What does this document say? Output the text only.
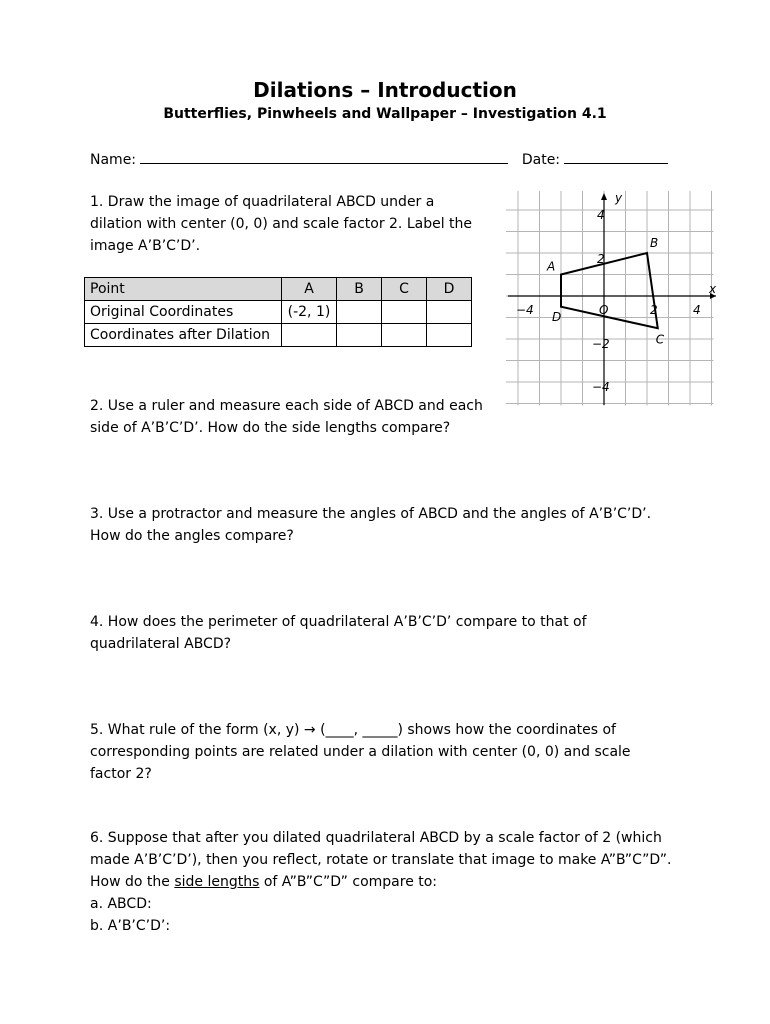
Dilations – Introduction
Butterflies, Pinwheels and Wallpaper – Investigation 4.1
Name:	Date:
1. Draw the image of quadrilateral ABCD under a
dilation with center (0, 0) and scale factor 2. Label the
image A’B’C’D’.
Point	A	B	C	D
Original Coordinates	(-2, 1)			
Coordinates after Dilation				
x
y
−4	O	2	4
4
2
−2
−4
A
B
C
D
2. Use a ruler and measure each side of ABCD and each
side of A’B’C’D’. How do the side lengths compare?
3. Use a protractor and measure the angles of ABCD and the angles of A’B’C’D’.
How do the angles compare?
4. How does the perimeter of quadrilateral A’B’C’D’ compare to that of
quadrilateral ABCD?
5. What rule of the form (x, y) → (____, _____) shows how the coordinates of
corresponding points are related under a dilation with center (0, 0) and scale
factor 2?
6. Suppose that after you dilated quadrilateral ABCD by a scale factor of 2 (which
made A’B’C’D’), then you reflect, rotate or translate that image to make A”B”C”D”.
How do the side lengths of A”B”C”D” compare to:
a. ABCD:
b. A’B’C’D’:
